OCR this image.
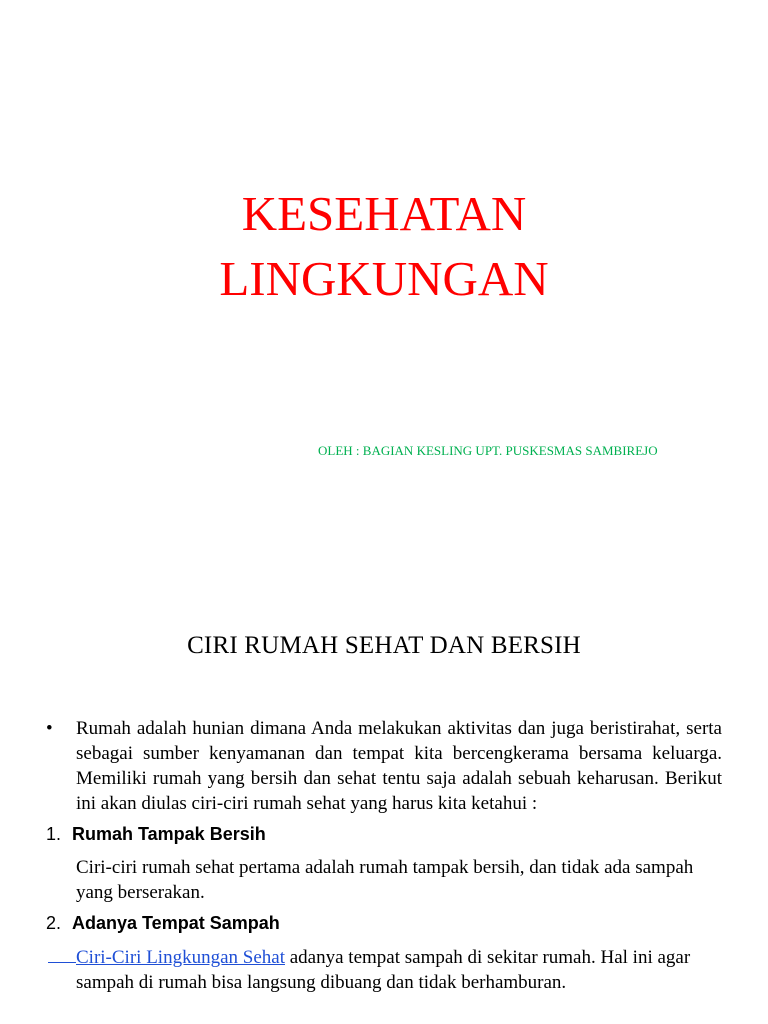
KESEHATAN
LINGKUNGAN

OLEH : BAGIAN KESLING UPT. PUSKESMAS SAMBIREJO

CIRI RUMAH SEHAT DAN BERSIH
•	Rumah adalah hunian dimana Anda melakukan aktivitas dan juga beristirahat, serta sebagai sumber kenyamanan dan tempat kita bercengkerama bersama keluarga. Memiliki rumah yang bersih dan sehat tentu saja adalah sebuah keharusan. Berikut ini akan diulas ciri-ciri rumah sehat yang harus kita ketahui :
1. Rumah Tampak Bersih
Ciri-ciri rumah sehat pertama adalah rumah tampak bersih, dan tidak ada sampah yang berserakan.
2. Adanya Tempat Sampah
Ciri-Ciri Lingkungan Sehat adanya tempat sampah di sekitar rumah. Hal ini agar sampah di rumah bisa langsung dibuang dan tidak berhamburan.
